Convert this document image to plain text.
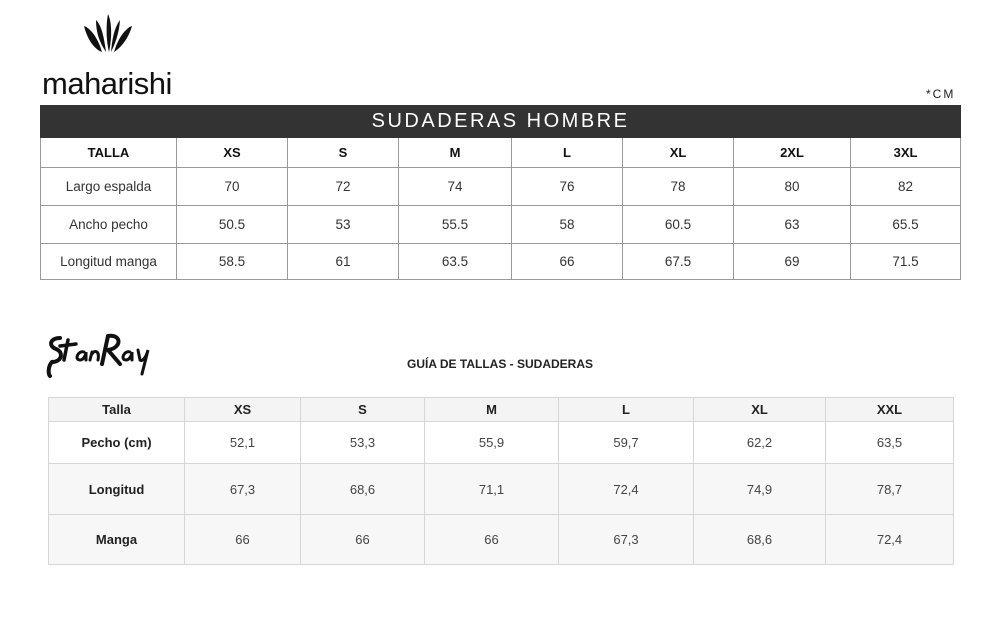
maharishi	*CM
SUDADERAS HOMBRE							
TALLA	XS	S	M	L	XL	2XL	3XL
Largo espalda	70	72	74	76	78	80	82
Ancho pecho	50.5	53	55.5	58	60.5	63	65.5
Longitud manga	58.5	61	63.5	66	67.5	69	71.5
GUÍA DE TALLAS - SUDADERAS
Talla	XS	S	M	L	XL	XXL
Pecho (cm)	52,1	53,3	55,9	59,7	62,2	63,5
Longitud	67,3	68,6	71,1	72,4	74,9	78,7
Manga	66	66	66	67,3	68,6	72,4
